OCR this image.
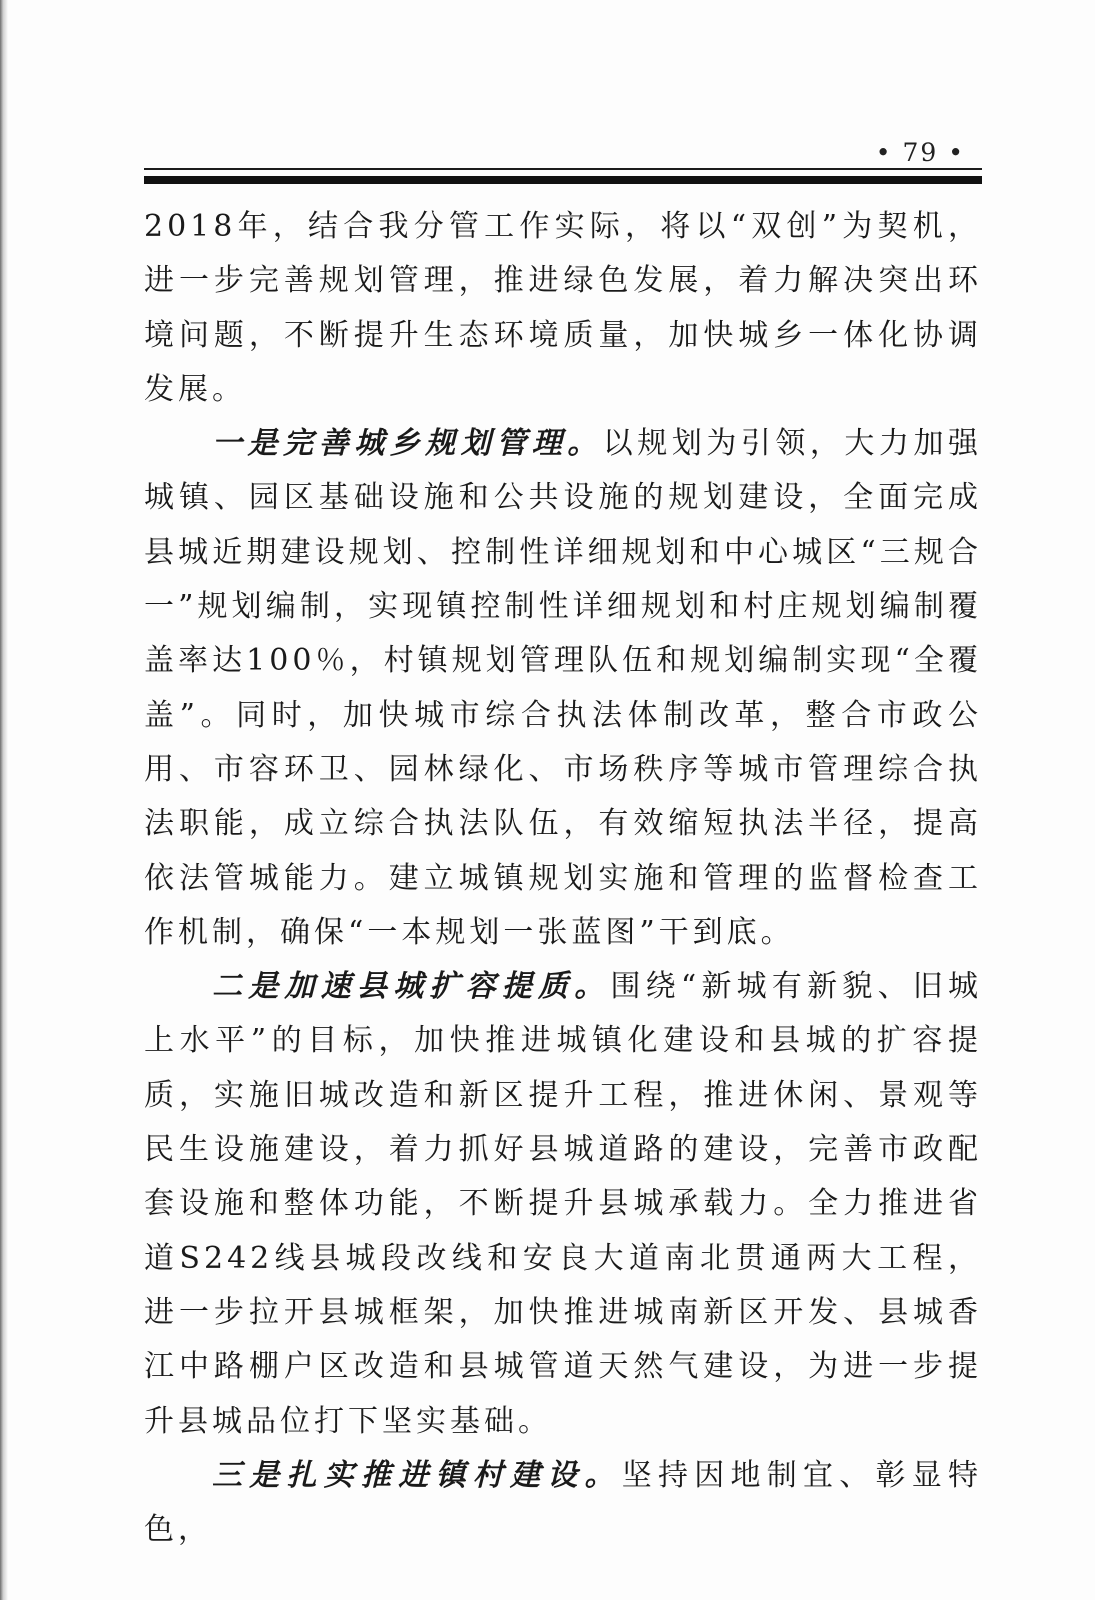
• 79 •

2018年，结合我分管工作实际，将以“双创”为契机，进一步完善规划管理，推进绿色发展，着力解决突出环境问题，不断提升生态环境质量，加快城乡一体化协调发展。

一是完善城乡规划管理。以规划为引领，大力加强城镇、园区基础设施和公共设施的规划建设，全面完成县城近期建设规划、控制性详细规划和中心城区“三规合一”规划编制，实现镇控制性详细规划和村庄规划编制覆盖率达100％，村镇规划管理队伍和规划编制实现“全覆盖”。同时，加快城市综合执法体制改革，整合市政公用、市容环卫、园林绿化、市场秩序等城市管理综合执法职能，成立综合执法队伍，有效缩短执法半径，提高依法管城能力。建立城镇规划实施和管理的监督检查工作机制，确保“一本规划一张蓝图”干到底。

二是加速县城扩容提质。围绕“新城有新貌、旧城上水平”的目标，加快推进城镇化建设和县城的扩容提质，实施旧城改造和新区提升工程，推进休闲、景观等民生设施建设，着力抓好县城道路的建设，完善市政配套设施和整体功能，不断提升县城承载力。全力推进省道S242线县城段改线和安良大道南北贯通两大工程，进一步拉开县城框架，加快推进城南新区开发、县城香江中路棚户区改造和县城管道天然气建设，为进一步提升县城品位打下坚实基础。

三是扎实推进镇村建设。坚持因地制宜、彰显特色，
